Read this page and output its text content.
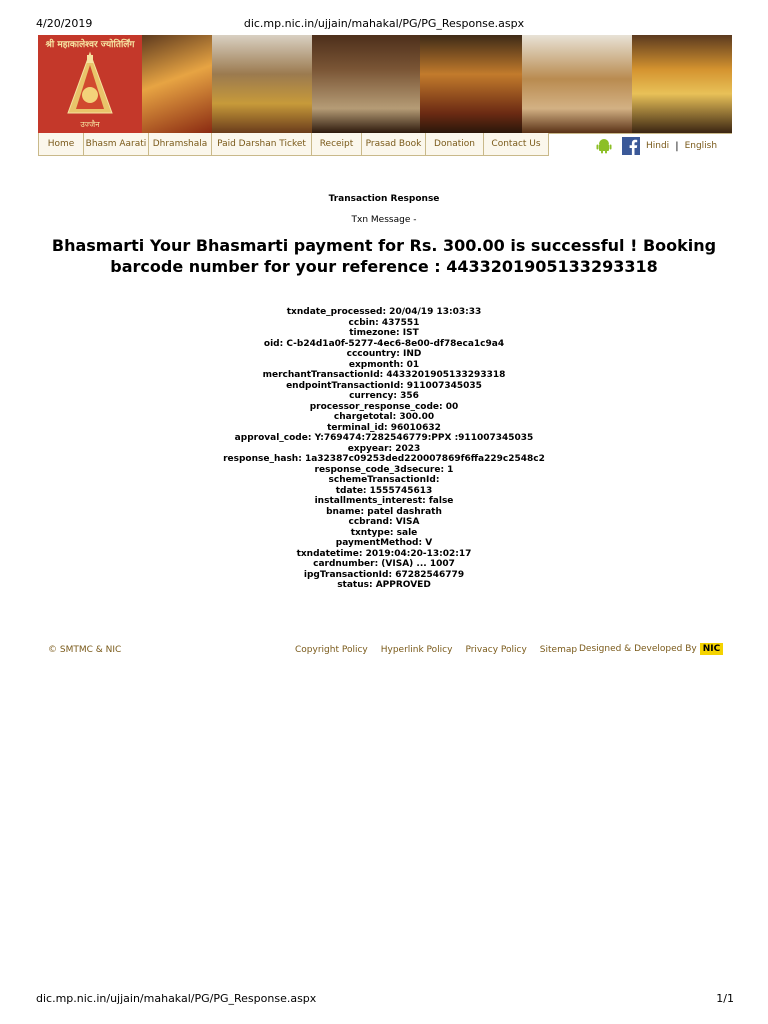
4/20/2019	dic.mp.nic.in/ujjain/mahakal/PG/PG_Response.aspx
श्री महाकालेश्वर ज्योतिर्लिंग
उज्जैन
Home	Bhasm Aarati Dhramshala	Paid Darshan Ticket	Receipt	Prasad Book	Donation	Contact Us	Hindi | English
Transaction Response
Txn Message -
Bhasmarti Your Bhasmarti payment for Rs. 300.00 is successful ! Booking barcode number for your reference : 4433201905133293318
txndate_processed: 20/04/19 13:03:33
ccbin: 437551
timezone: IST
oid: C-b24d1a0f-5277-4ec6-8e00-df78eca1c9a4
cccountry: IND
expmonth: 01
merchantTransactionId: 4433201905133293318
endpointTransactionId: 911007345035
currency: 356
processor_response_code: 00
chargetotal: 300.00
terminal_id: 96010632
approval_code: Y:769474:7282546779:PPX :911007345035
expyear: 2023
response_hash: 1a32387c09253ded220007869f6ffa229c2548c2
response_code_3dsecure: 1
schemeTransactionId:
tdate: 1555745613
installments_interest: false
bname: patel dashrath
ccbrand: VISA
txntype: sale
paymentMethod: V
txndatetime: 2019:04:20-13:02:17
cardnumber: (VISA) ... 1007
ipgTransactionId: 67282546779
status: APPROVED
© SMTMC & NIC	Copyright Policy Hyperlink Policy Privacy Policy Sitemap Designed & Developed By NIC
dic.mp.nic.in/ujjain/mahakal/PG/PG_Response.aspx	1/1
